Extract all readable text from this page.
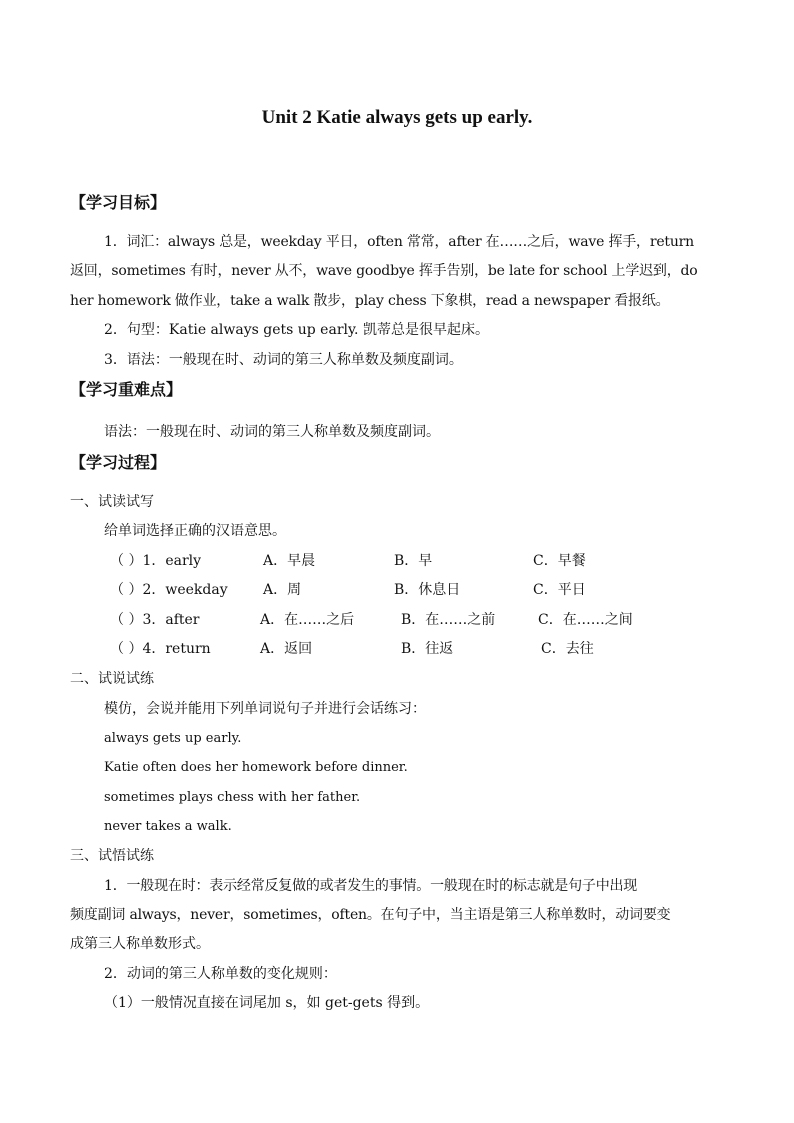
Unit 2 Katie always gets up early.
【学习目标】
1．词汇：always 总是，weekday 平日，often 常常，after 在……之后，wave 挥手，return
返回，sometimes 有时，never 从不，wave goodbye 挥手告别，be late for school 上学迟到，do
her homework 做作业，take a walk 散步，play chess 下象棋，read a newspaper 看报纸。
2．句型：Katie always gets up early. 凯蒂总是很早起床。
3．语法：一般现在时、动词的第三人称单数及频度副词。
【学习重难点】
语法：一般现在时、动词的第三人称单数及频度副词。
【学习过程】
一、试读试写
给单词选择正确的汉语意思。
（ ）1．early	A．早晨	B．早	C．早餐
（ ）2．weekday	A．周	B．休息日	C．平日
（ ）3．after	A．在……之后	B．在……之前	C．在……之间
（ ）4．return	A．返回	B．往返	C．去往
二、试说试练
模仿，会说并能用下列单词说句子并进行会话练习：
always gets up early.
Katie often does her homework before dinner.
sometimes plays chess with her father.
never takes a walk.
三、试悟试练
1．一般现在时：表示经常反复做的或者发生的事情。一般现在时的标志就是句子中出现
频度副词 always，never，sometimes，often。在句子中，当主语是第三人称单数时，动词要变
成第三人称单数形式。
2．动词的第三人称单数的变化规则：
（1）一般情况直接在词尾加 s，如 get-gets 得到。
